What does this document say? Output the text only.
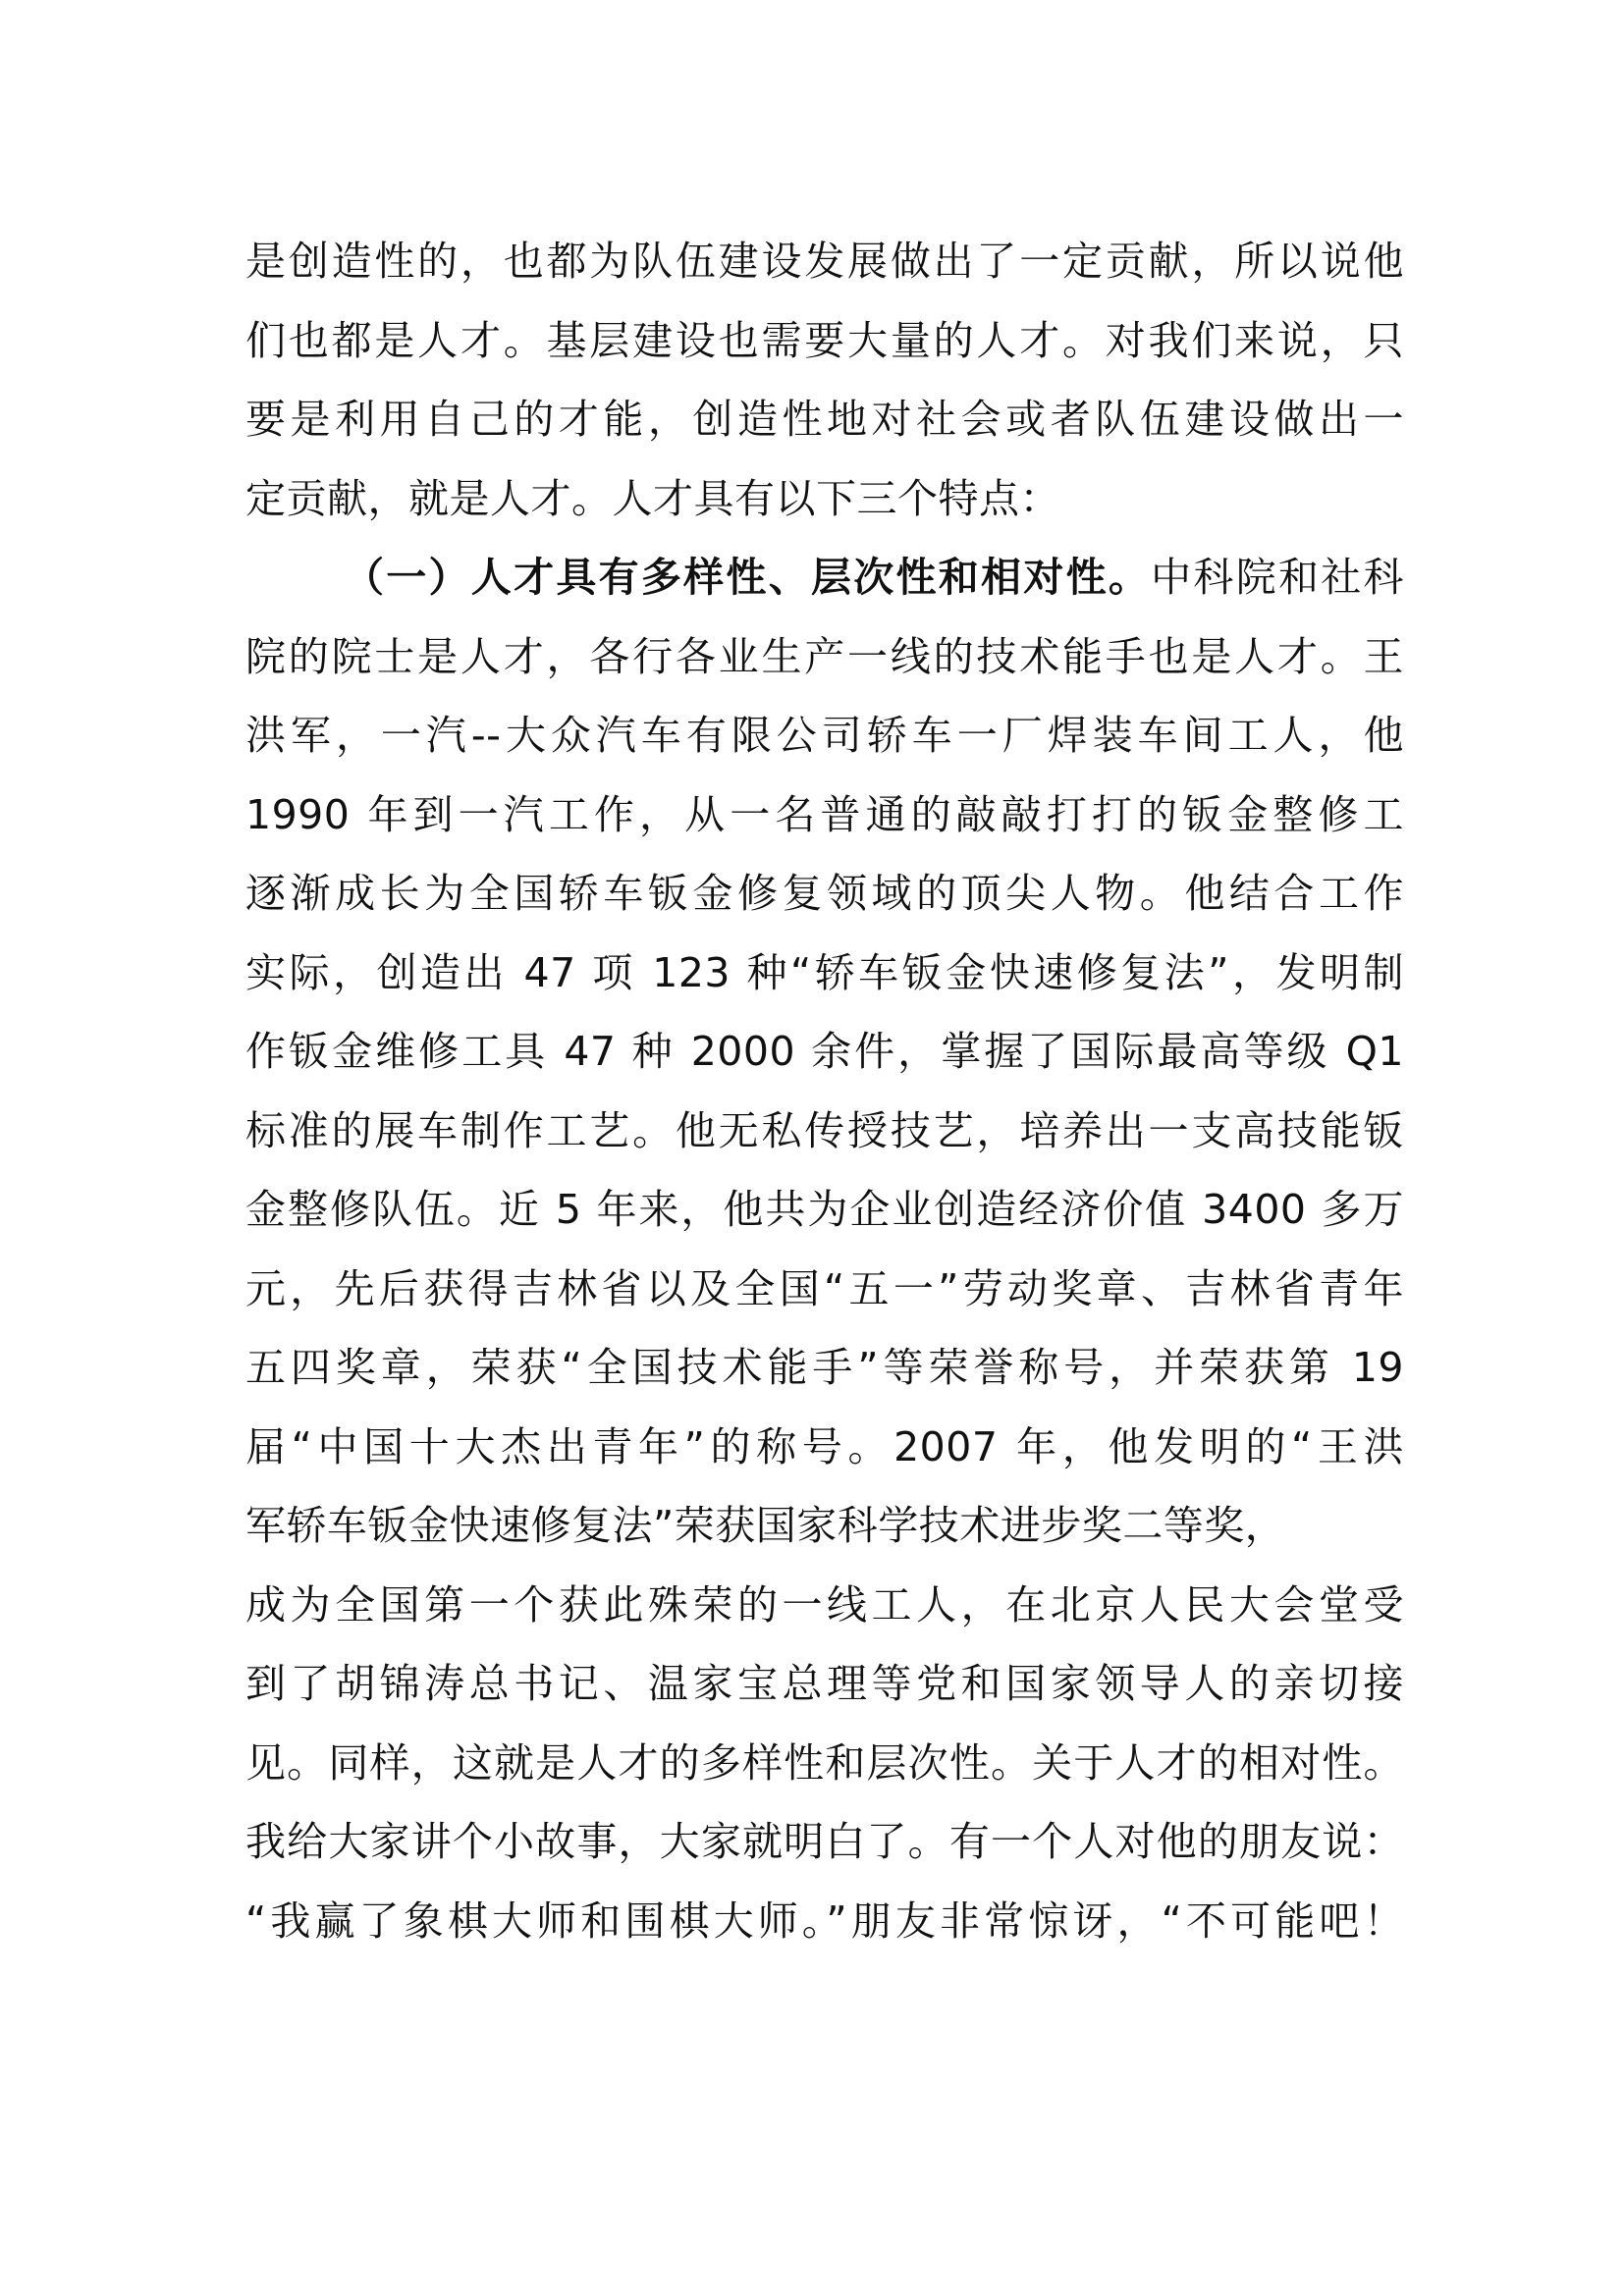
是创造性的，也都为队伍建设发展做出了一定贡献，所以说他
们也都是人才。基层建设也需要大量的人才。对我们来说，只
要是利用自己的才能，创造性地对社会或者队伍建设做出一
定贡献，就是人才。人才具有以下三个特点：
（一）人才具有多样性、层次性和相对性。中科院和社科
院的院士是人才，各行各业生产一线的技术能手也是人才。王
洪军，一汽--大众汽车有限公司轿车一厂焊装车间工人，他
1990 年到一汽工作，从一名普通的敲敲打打的钣金整修工
逐渐成长为全国轿车钣金修复领域的顶尖人物。他结合工作
实际，创造出 47 项 123 种“轿车钣金快速修复法”，发明制
作钣金维修工具 47 种 2000 余件，掌握了国际最高等级 Q1
标准的展车制作工艺。他无私传授技艺，培养出一支高技能钣
金整修队伍。近 5 年来，他共为企业创造经济价值 3400 多万
元，先后获得吉林省以及全国“五一”劳动奖章、吉林省青年
五四奖章，荣获“全国技术能手”等荣誉称号，并荣获第 19
届“中国十大杰出青年”的称号。2007 年，他发明的“王洪
军轿车钣金快速修复法”荣获国家科学技术进步奖二等奖，
成为全国第一个获此殊荣的一线工人，在北京人民大会堂受
到了胡锦涛总书记、温家宝总理等党和国家领导人的亲切接
见。同样，这就是人才的多样性和层次性。关于人才的相对性。
我给大家讲个小故事，大家就明白了。有一个人对他的朋友说：
“我赢了象棋大师和围棋大师。”朋友非常惊讶，“不可能吧！
